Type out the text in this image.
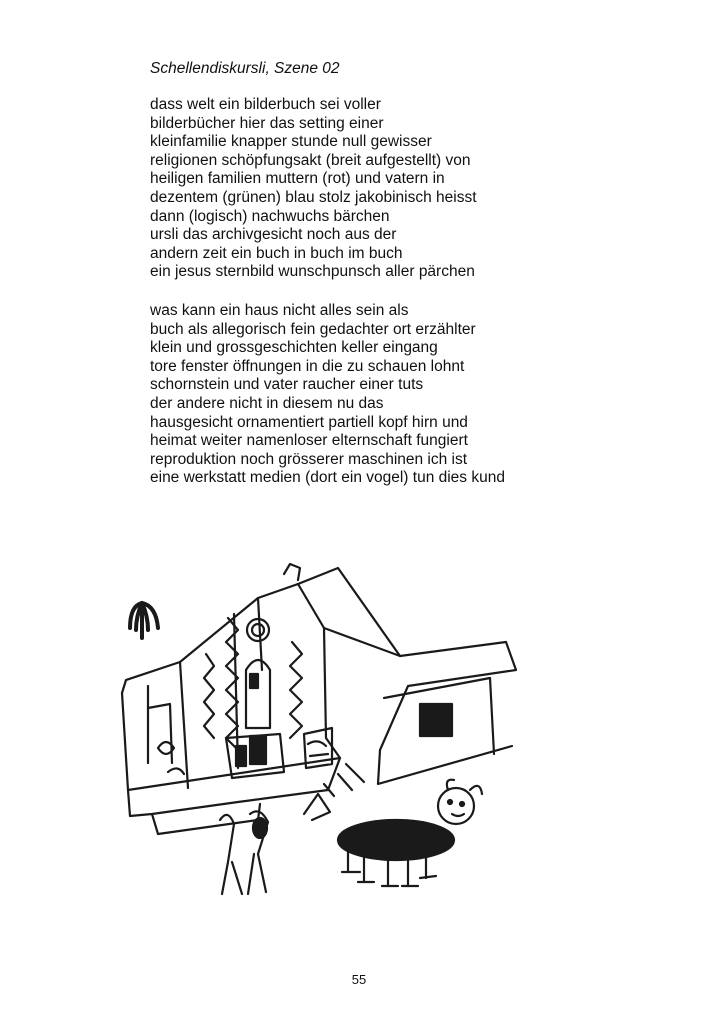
Schellendiskursli, Szene 02
dass welt ein bilderbuch sei voller
bilderbücher hier das setting einer
kleinfamilie knapper stunde null gewisser
religionen schöpfungsakt (breit aufgestellt) von
heiligen familien muttern (rot) und vatern in
dezentem (grünen) blau stolz jakobinisch heisst
dann (logisch) nachwuchs bärchen
ursli das archivgesicht noch aus der
andern zeit ein buch in buch im buch
ein jesus sternbild wunschpunsch aller pärchen
was kann ein haus nicht alles sein als
buch als allegorisch fein gedachter ort erzählter
klein und grossgeschichten keller eingang
tore fenster öffnungen in die zu schauen lohnt
schornstein und vater raucher einer tuts
der andere nicht in diesem nu das
hausgesicht ornamentiert partiell kopf hirn und
heimat weiter namenloser elternschaft fungiert
reproduktion noch grösserer maschinen ich ist
eine werkstatt medien (dort ein vogel) tun dies kund
55
